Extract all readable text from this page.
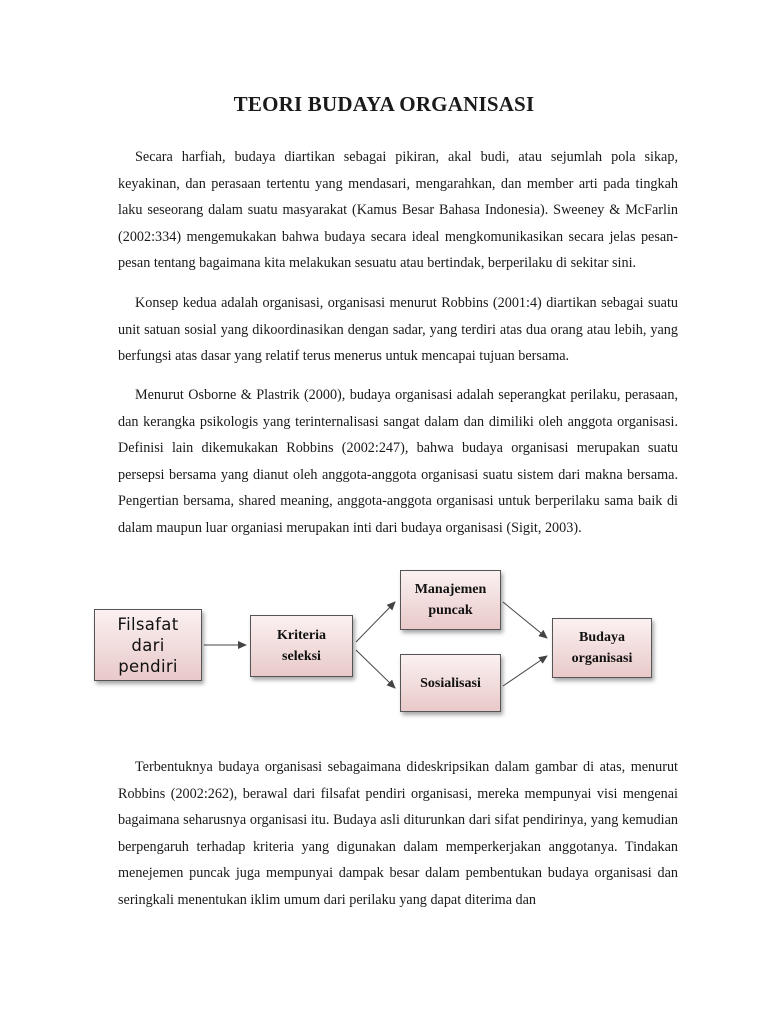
TEORI BUDAYA ORGANISASI

Secara harfiah, budaya diartikan sebagai pikiran, akal budi, atau sejumlah pola sikap, keyakinan, dan perasaan tertentu yang mendasari, mengarahkan, dan member arti pada tingkah laku seseorang dalam suatu masyarakat (Kamus Besar Bahasa Indonesia). Sweeney & McFarlin (2002:334) mengemukakan bahwa budaya secara ideal mengkomunikasikan secara jelas pesan-pesan tentang bagaimana kita melakukan sesuatu atau bertindak, berperilaku di sekitar sini.

Konsep kedua adalah organisasi, organisasi menurut Robbins (2001:4) diartikan sebagai suatu unit satuan sosial yang dikoordinasikan dengan sadar, yang terdiri atas dua orang atau lebih, yang berfungsi atas dasar yang relatif terus menerus untuk mencapai tujuan bersama.

Menurut Osborne & Plastrik (2000), budaya organisasi adalah seperangkat perilaku, perasaan, dan kerangka psikologis yang terinternalisasi sangat dalam dan dimiliki oleh anggota organisasi. Definisi lain dikemukakan Robbins (2002:247), bahwa budaya organisasi merupakan suatu persepsi bersama yang dianut oleh anggota-anggota organisasi suatu sistem dari makna bersama. Pengertian bersama, shared meaning, anggota-anggota organisasi untuk berperilaku sama baik di dalam maupun luar organiasi merupakan inti dari budaya organisasi (Sigit, 2003).

Filsafat
dari
pendiri
Kriteria
seleksi
Manajemen
puncak
Sosialisasi
Budaya
organisasi

Terbentuknya budaya organisasi sebagaimana dideskripsikan dalam gambar di atas, menurut Robbins (2002:262), berawal dari filsafat pendiri organisasi, mereka mempunyai visi mengenai bagaimana seharusnya organisasi itu. Budaya asli diturunkan dari sifat pendirinya, yang kemudian berpengaruh terhadap kriteria yang digunakan dalam memperkerjakan anggotanya. Tindakan menejemen puncak juga mempunyai dampak besar dalam pembentukan budaya organisasi dan seringkali menentukan iklim umum dari perilaku yang dapat diterima dan
